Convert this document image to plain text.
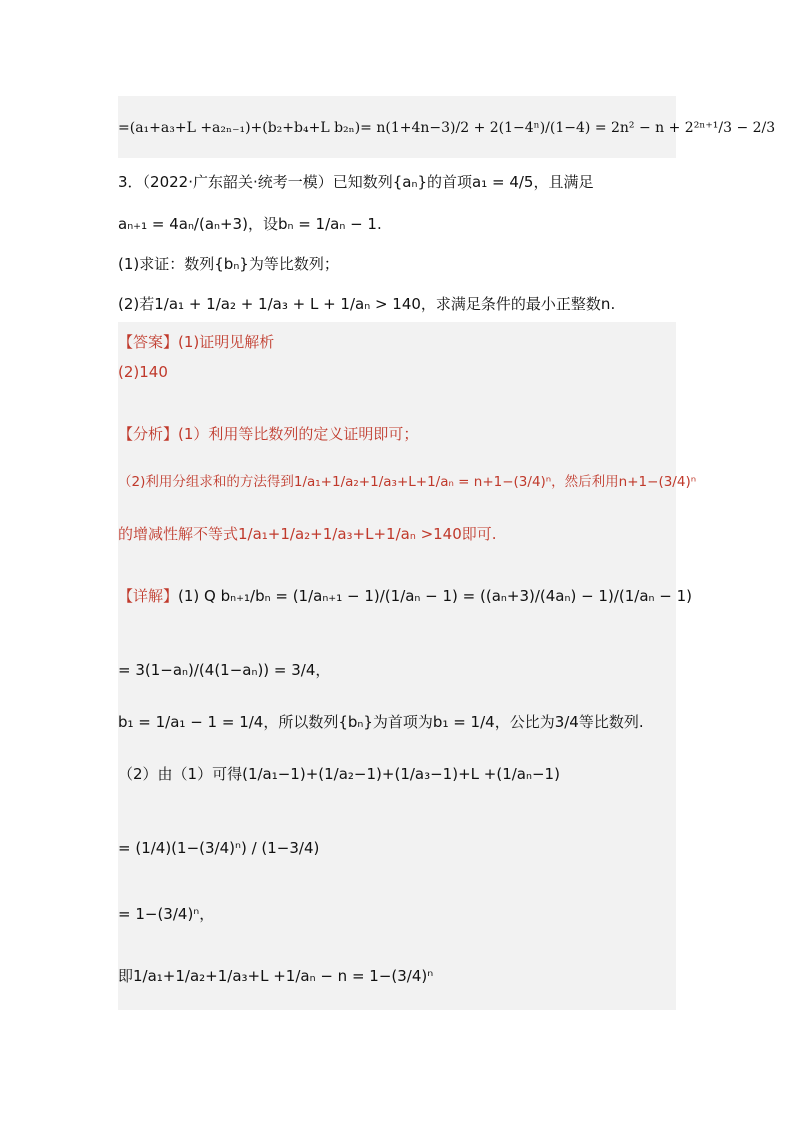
=(a₁+a₃+L +a₂ₙ₋₁)+(b₂+b₄+L b₂ₙ)= n(1+4n−3)/2 + 2(1−4ⁿ)/(1−4) = 2n² − n + 2²ⁿ⁺¹/3 − 2/3
3．（2022·广东韶关·统考一模）已知数列{aₙ}的首项a₁ = 4/5，且满足
aₙ₊₁ = 4aₙ/(aₙ+3)，设bₙ = 1/aₙ − 1.
(1)求证：数列{bₙ}为等比数列；
(2)若1/a₁ + 1/a₂ + 1/a₃ + L + 1/aₙ > 140，求满足条件的最小正整数n.
【答案】(1)证明见解析
(2)140
【分析】(1）利用等比数列的定义证明即可；
（2)利用分组求和的方法得到1/a₁+1/a₂+1/a₃+L+1/aₙ = n+1−(3/4)ⁿ，然后利用n+1−(3/4)ⁿ
的增减性解不等式1/a₁+1/a₂+1/a₃+L+1/aₙ >140即可.
【详解】(1) Q bₙ₊₁/bₙ = (1/aₙ₊₁ − 1)/(1/aₙ − 1) = ((aₙ+3)/(4aₙ) − 1)/(1/aₙ − 1)
= 3(1−aₙ)/(4(1−aₙ)) = 3/4，
b₁ = 1/a₁ − 1 = 1/4，所以数列{bₙ}为首项为b₁ = 1/4，公比为3/4等比数列.
（2）由（1）可得(1/a₁−1)+(1/a₂−1)+(1/a₃−1)+L +(1/aₙ−1)
= (1/4)(1−(3/4)ⁿ) / (1−3/4)
= 1−(3/4)ⁿ，
即1/a₁+1/a₂+1/a₃+L +1/aₙ − n = 1−(3/4)ⁿ
